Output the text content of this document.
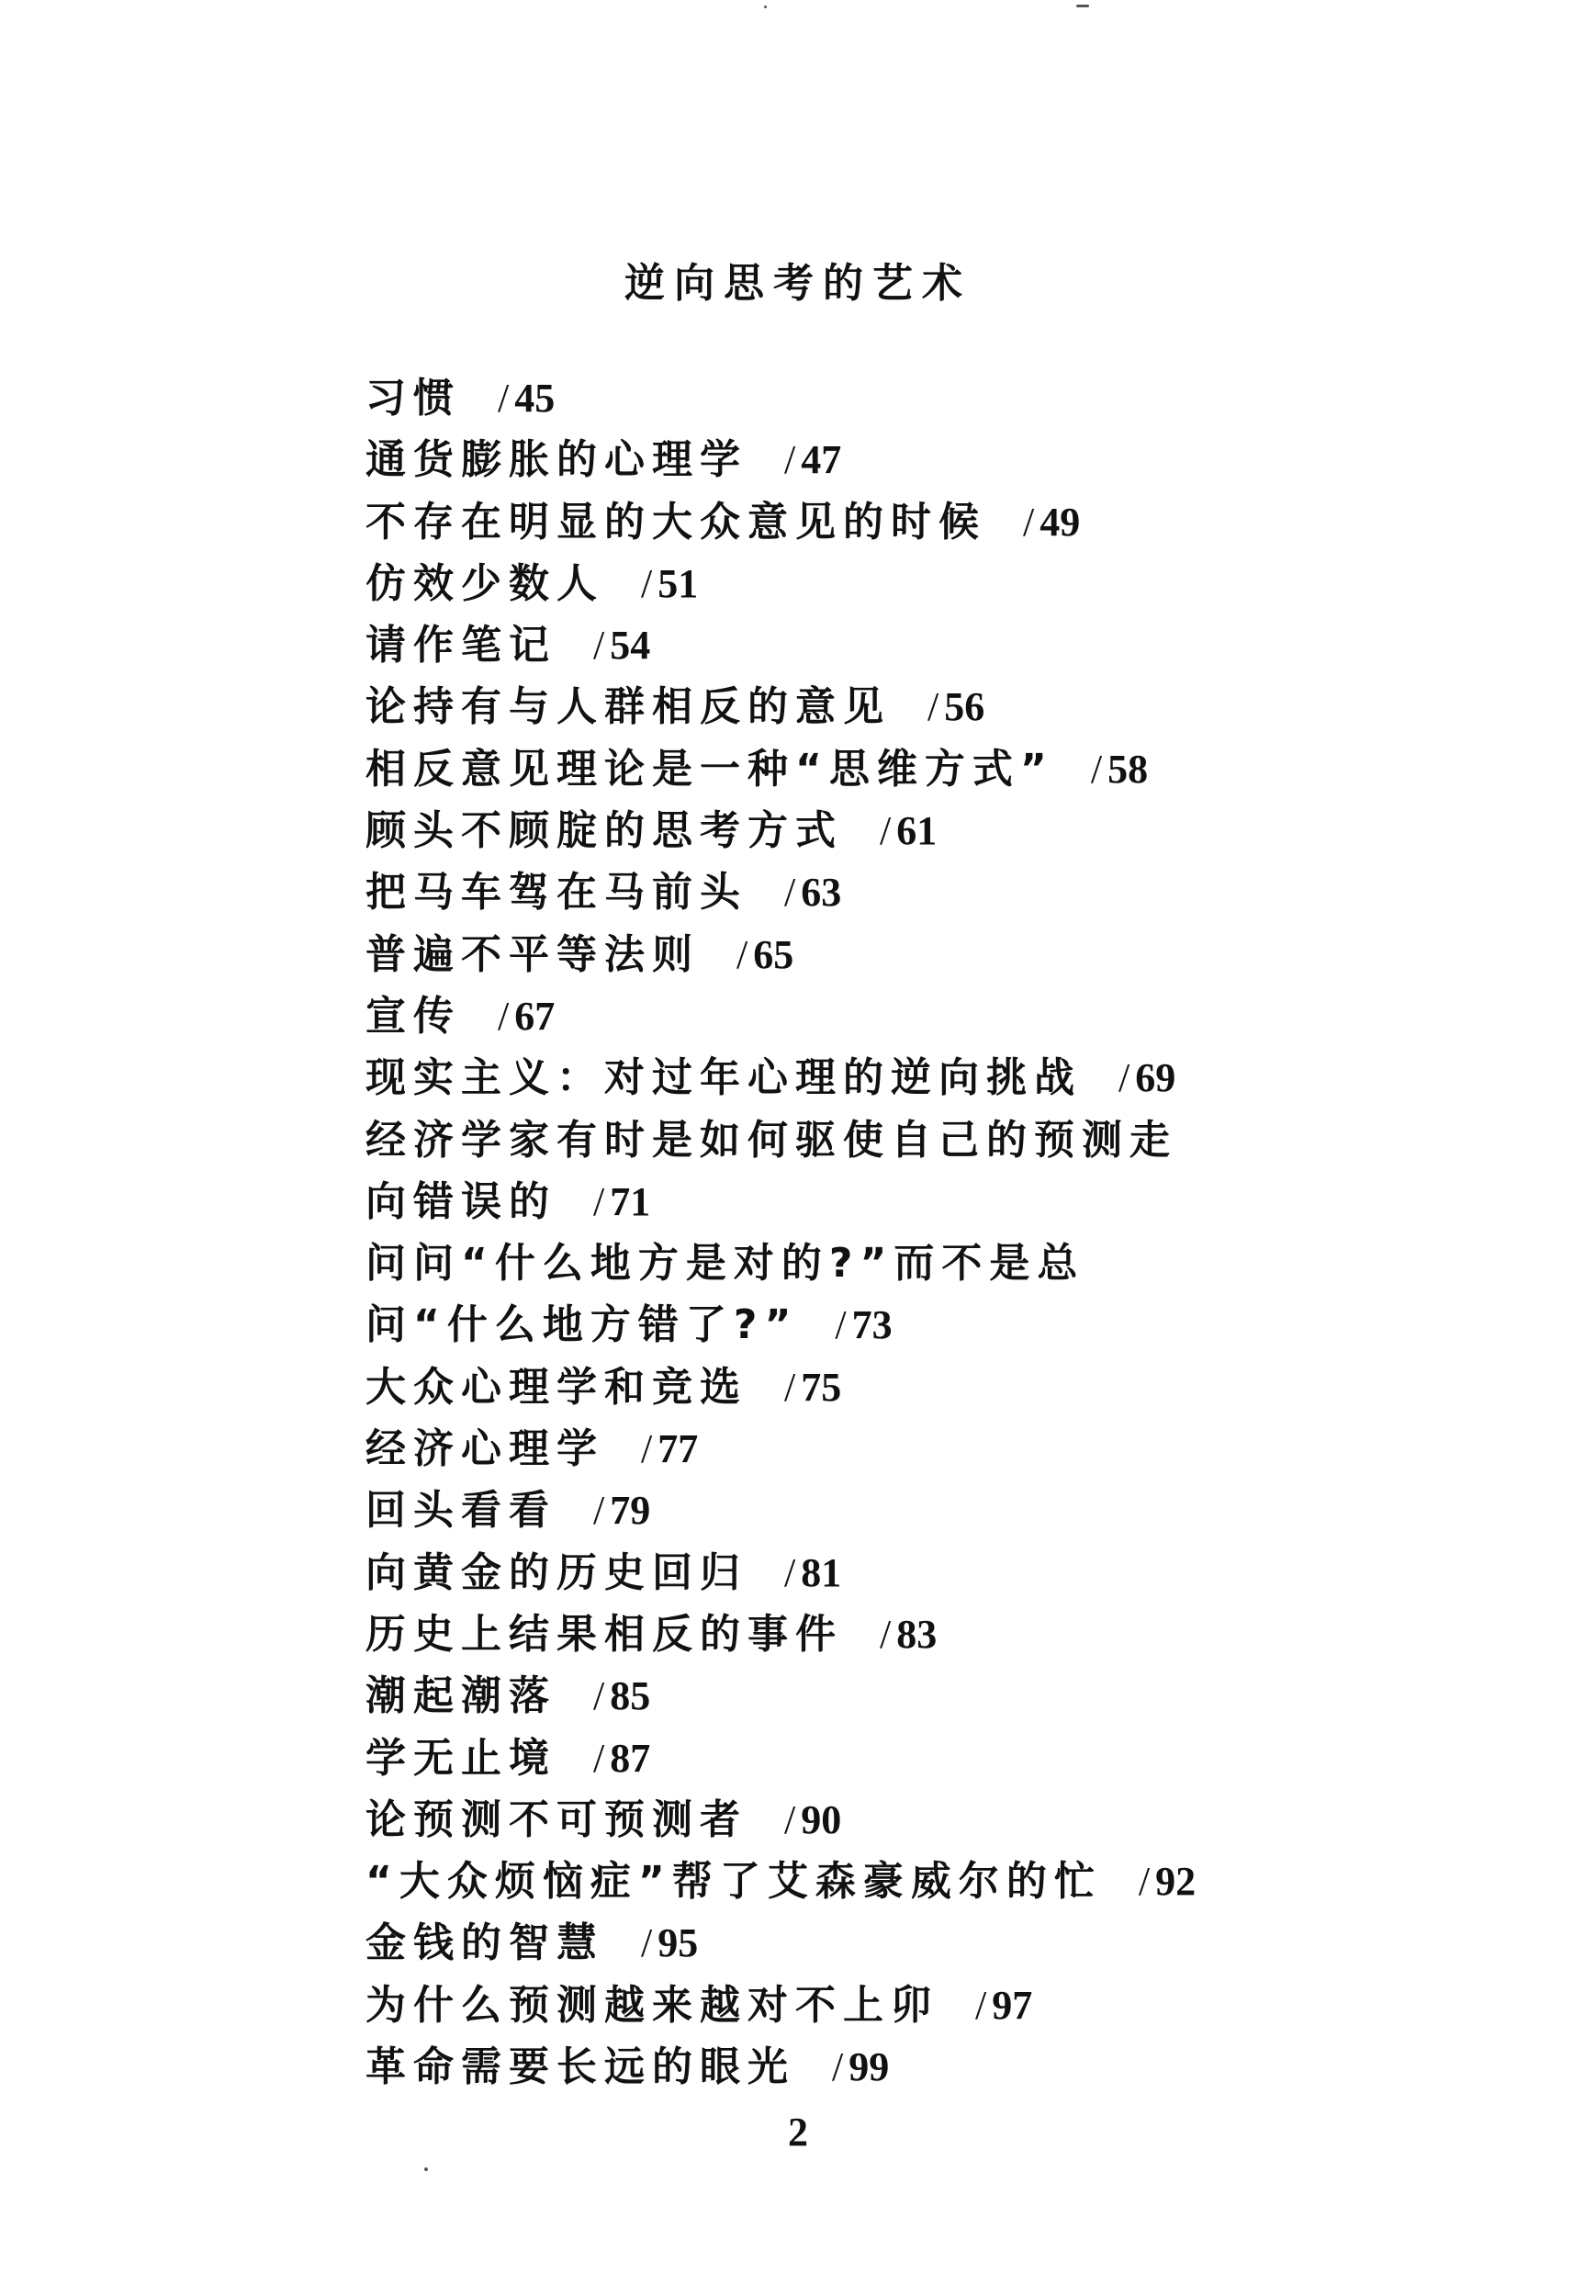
逆向思考的艺术
习惯 / 45
通货膨胀的心理学 / 47
不存在明显的大众意见的时候 / 49
仿效少数人 / 51
请作笔记 / 54
论持有与人群相反的意见 / 56
相反意见理论是一种“思维方式” / 58
顾头不顾腚的思考方式 / 61
把马车驾在马前头 / 63
普遍不平等法则 / 65
宣传 / 67
现实主义：对过年心理的逆向挑战 / 69
经济学家有时是如何驱使自己的预测走向错误的 / 71
问问“什么地方是对的?”而不是总问“什么地方错了?” / 73
大众心理学和竞选 / 75
经济心理学 / 77
回头看看 / 79
向黄金的历史回归 / 81
历史上结果相反的事件 / 83
潮起潮落 / 85
学无止境 / 87
论预测不可预测者 / 90
“大众烦恼症”帮了艾森豪威尔的忙 / 92
金钱的智慧 / 95
为什么预测越来越对不上卯 / 97
革命需要长远的眼光 / 99
2
